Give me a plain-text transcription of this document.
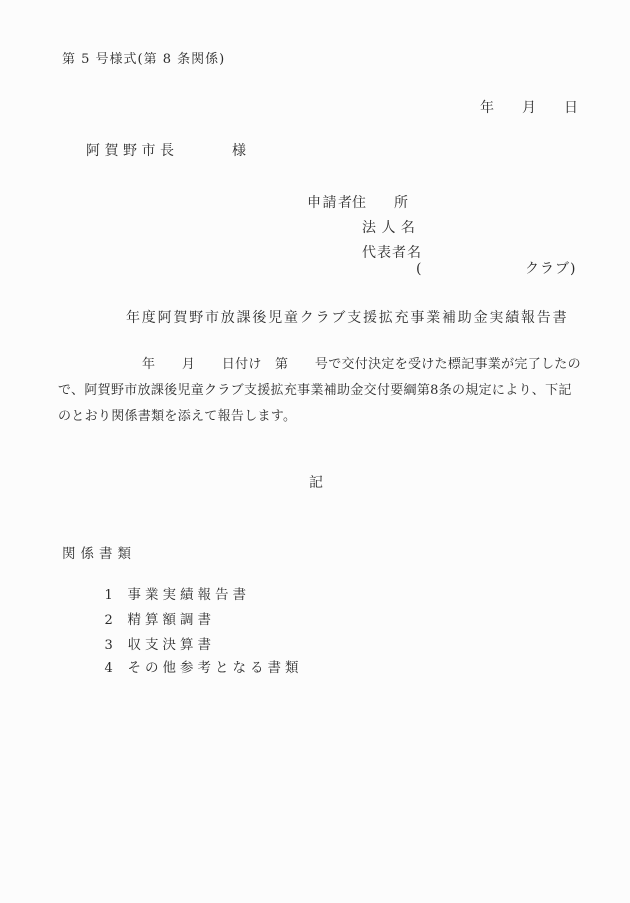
第 5 号様式(第 8 条関係)
年　　月　　日
阿賀野市長	様
申請者
住　　所
法 人 名
代表者名
(	クラブ)
年度阿賀野市放課後児童クラブ支援拡充事業補助金実績報告書
年　　月　　日付け　第　　号で交付決定を受けた標記事業が完了したの
で、阿賀野市放課後児童クラブ支援拡充事業補助金交付要綱第8条の規定により、下記
のとおり関係書類を添えて報告します。
記
関係書類

1 事業実績報告書

2 精算額調書

3 収支決算書

4 その他参考となる書類
